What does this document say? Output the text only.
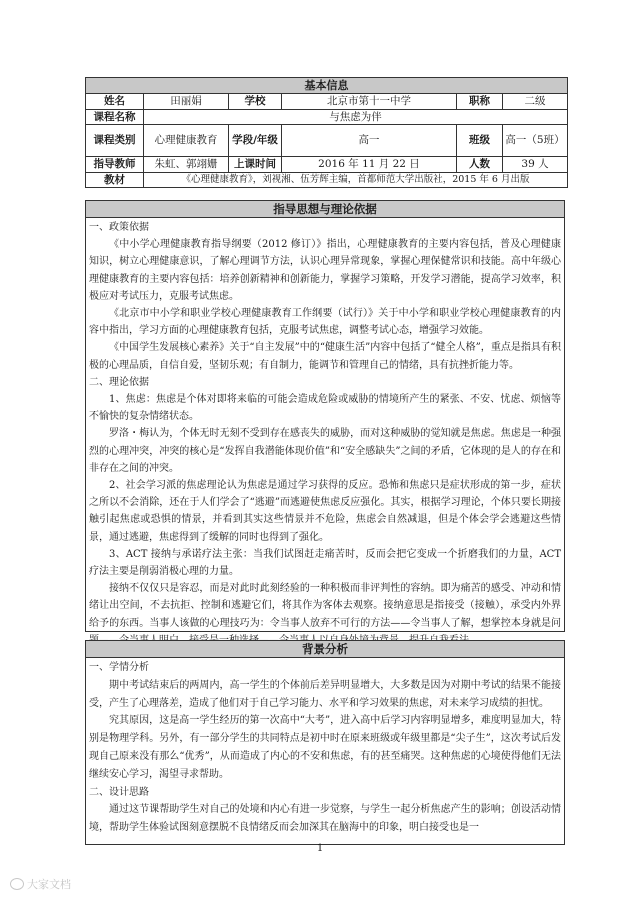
基本信息					
姓名	田丽娟	学校	北京市第十一中学	职称	二级
课程名称	与焦虑为伴				
课程类别	心理健康教育	学段/年级	高一	班级	高一（5班）
指导教师	朱虹、郭翊姗	上课时间	2016 年 11 月 22 日	人数	39 人
教材	《心理健康教育》，刘视湘、伍芳辉主编，首都师范大学出版社，2015 年 6 月出版				
指导思想与理论依据

一、政策依据

《中小学心理健康教育指导纲要（2012 修订）》指出，心理健康教育的主要内容包括，普及心理健康知识，树立心理健康意识，了解心理调节方法，认识心理异常现象，掌握心理保健常识和技能。高中年级心理健康教育的主要内容包括：培养创新精神和创新能力，掌握学习策略，开发学习潜能，提高学习效率，积极应对考试压力，克服考试焦虑。

《北京市中小学和职业学校心理健康教育工作纲要（试行）》关于中小学和职业学校心理健康教育的内容中指出，学习方面的心理健康教育包括，克服考试焦虑，调整考试心态，增强学习效能。

《中国学生发展核心素养》关于“自主发展”中的“健康生活”内容中包括了“健全人格”，重点是指具有积极的心理品质，自信自爱，坚韧乐观；有自制力，能调节和管理自己的情绪，具有抗挫折能力等。

二、理论依据

1、焦虑：焦虑是个体对即将来临的可能会造成危险或威胁的情境所产生的紧张、不安、忧虑、烦恼等不愉快的复杂情绪状态。

罗洛・梅认为，个体无时无刻不受到存在感丧失的威胁，而对这种威胁的觉知就是焦虑。焦虑是一种强烈的心理冲突，冲突的核心是“发挥自我潜能体现价值”和“安全感缺失”之间的矛盾，它体现的是人的存在和非存在之间的冲突。

2、社会学习派的焦虑理论认为焦虑是通过学习获得的反应。恐怖和焦虑只是症状形成的第一步，症状之所以不会消除，还在于人们学会了“逃避”而逃避使焦虑反应强化。其实，根据学习理论，个体只要长期接触引起焦虑或恐惧的情景，并看到其实这些情景并不危险，焦虑会自然减退，但是个体会学会逃避这些情景，通过逃避，焦虑得到了缓解的同时也得到了强化。

3、ACT 接纳与承诺疗法主张：当我们试图赶走痛苦时，反而会把它变成一个折磨我们的力量，ACT 疗法主要是削弱消极心理的力量。

接纳不仅仅只是容忍，而是对此时此刻经验的一种积极而非评判性的容纳。即为痛苦的感受、冲动和情绪让出空间，不去抗拒、控制和逃避它们，将其作为客体去观察。接纳意思是指接受（接触），承受内外界给予的东西。当事人该做的心理技巧为：令当事人放弃不可行的方法——令当事人了解，想掌控本身就是问

背景分析

一、学情分析

期中考试结束后的两周内，高一学生的个体前后差异明显增大，大多数是因为对期中考试的结果不能接受，产生了心理落差，造成了他们对于自己学习能力、水平和学习效果的焦虑，对未来学习成绩的担忧。

究其原因，这是高一学生经历的第一次高中“大考”，进入高中后学习内容明显增多，难度明显加大，特别是物理学科。另外，有一部分学生的共同特点是初中时在原来班级或年级里都是“尖子生”，这次考试后发现自己原来没有那么“优秀”，从而造成了内心的不安和焦虑，有的甚至痛哭。这种焦虑的心境使得他们无法继续安心学习，渴望寻求帮助。

二、设计思路

通过这节课帮助学生对自己的处境和内心有进一步觉察，与学生一起分析焦虑产生的影响；创设活动情境，帮助学生体验试图刻意摆脱不良情绪反而会加深其在脑海中的印象，明白接受也是一

1
大家文档
